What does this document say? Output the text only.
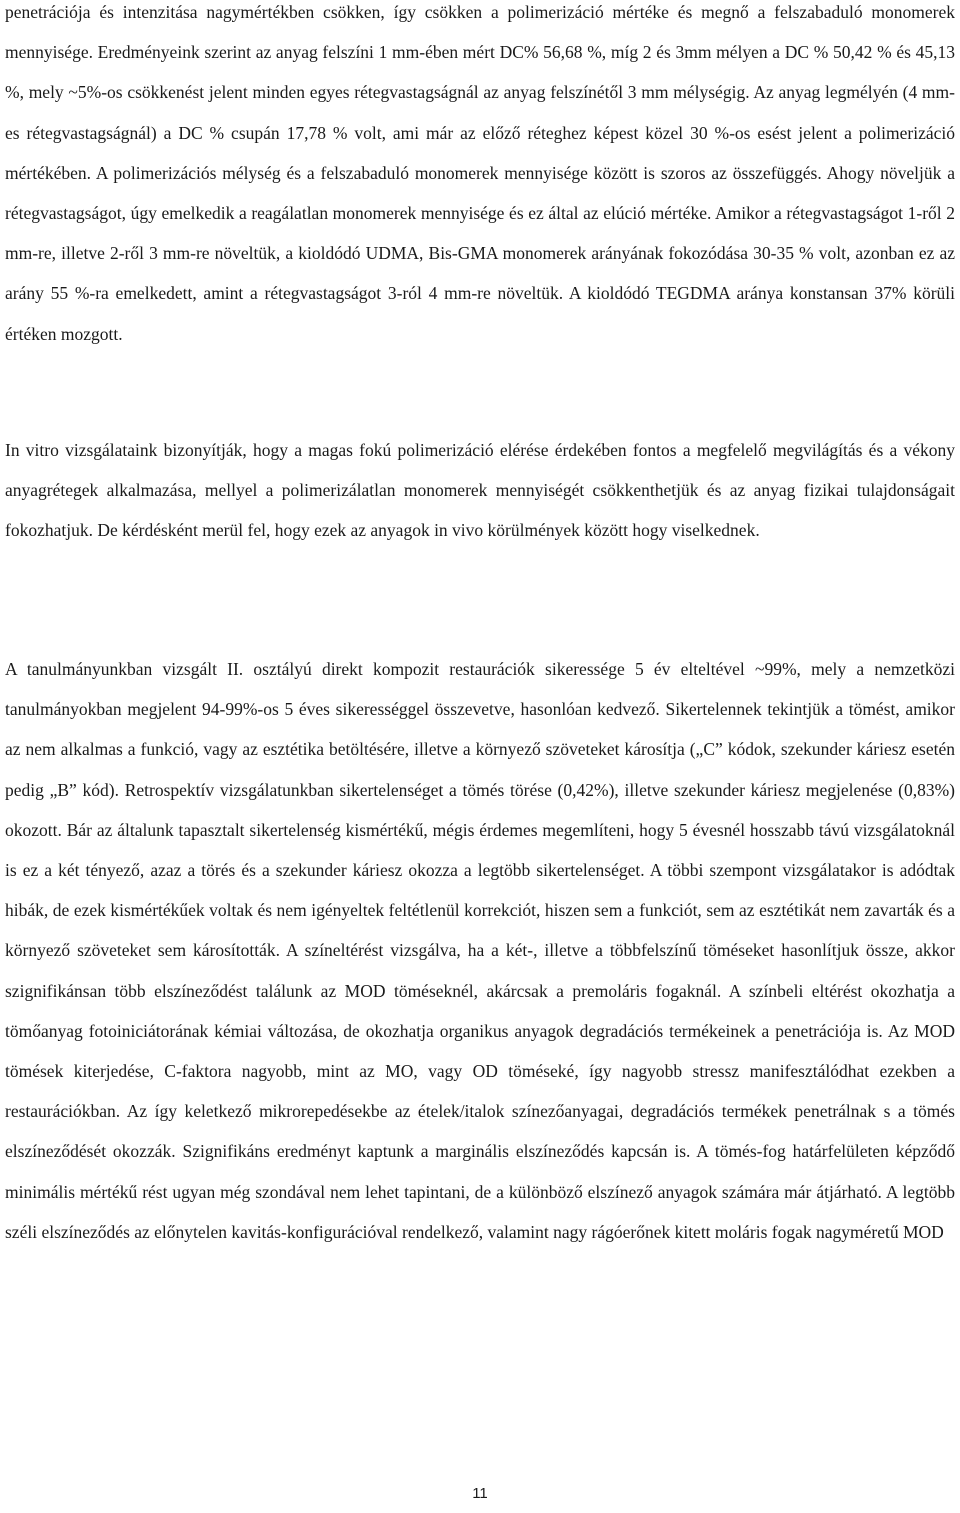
penetrációja és intenzitása nagymértékben csökken, így csökken a polimerizáció mértéke és megnő a felszabaduló monomerek mennyisége. Eredményeink szerint az anyag felszíni 1 mm-ében mért DC% 56,68 %, míg 2 és 3mm mélyen a DC % 50,42 % és 45,13 %, mely ~5%-os csökkenést jelent minden egyes rétegvastagságnál az anyag felszínétől 3 mm mélységig. Az anyag legmélyén (4 mm-es rétegvastagságnál) a DC % csupán 17,78 % volt, ami már az előző réteghez képest közel 30 %-os esést jelent a polimerizáció mértékében. A polimerizációs mélység és a felszabaduló monomerek mennyisége között is szoros az összefüggés. Ahogy növeljük a rétegvastagságot, úgy emelkedik a reagálatlan monomerek mennyisége és ez által az elúció mértéke. Amikor a rétegvastagságot 1-ről 2 mm-re, illetve 2-ről 3 mm-re növeltük, a kioldódó UDMA, Bis-GMA monomerek arányának fokozódása 30-35 % volt, azonban ez az arány 55 %-ra emelkedett, amint a rétegvastagságot 3-ról 4 mm-re növeltük. A kioldódó TEGDMA aránya konstansan 37% körüli értéken mozgott.

In vitro vizsgálataink bizonyítják, hogy a magas fokú polimerizáció elérése érdekében fontos a megfelelő megvilágítás és a vékony anyagrétegek alkalmazása, mellyel a polimerizálatlan monomerek mennyiségét csökkenthetjük és az anyag fizikai tulajdonságait fokozhatjuk. De kérdésként merül fel, hogy ezek az anyagok in vivo körülmények között hogy viselkednek.

A tanulmányunkban vizsgált II. osztályú direkt kompozit restaurációk sikeressége 5 év elteltével ~99%, mely a nemzetközi tanulmányokban megjelent 94-99%-os 5 éves sikerességgel összevetve, hasonlóan kedvező. Sikertelennek tekintjük a tömést, amikor az nem alkalmas a funkció, vagy az esztétika betöltésére, illetve a környező szöveteket károsítja („C” kódok, szekunder káriesz esetén pedig „B” kód). Retrospektív vizsgálatunkban sikertelenséget a tömés törése (0,42%), illetve szekunder káriesz megjelenése (0,83%) okozott. Bár az általunk tapasztalt sikertelenség kismértékű, mégis érdemes megemlíteni, hogy 5 évesnél hosszabb távú vizsgálatoknál is ez a két tényező, azaz a törés és a szekunder káriesz okozza a legtöbb sikertelenséget. A többi szempont vizsgálatakor is adódtak hibák, de ezek kismértékűek voltak és nem igényeltek feltétlenül korrekciót, hiszen sem a funkciót, sem az esztétikát nem zavarták és a környező szöveteket sem károsították. A színeltérést vizsgálva, ha a két-, illetve a többfelszínű töméseket hasonlítjuk össze, akkor szignifikánsan több elszíneződést találunk az MOD töméseknél, akárcsak a premoláris fogaknál. A színbeli eltérést okozhatja a tömőanyag fotoiniciátorának kémiai változása, de okozhatja organikus anyagok degradációs termékeinek a penetrációja is. Az MOD tömések kiterjedése, C-faktora nagyobb, mint az MO, vagy OD töméseké, így nagyobb stressz manifesztálódhat ezekben a restaurációkban. Az így keletkező mikrorepedésekbe az ételek/italok színezőanyagai, degradációs termékek penetrálnak s a tömés elszíneződését okozzák. Szignifikáns eredményt kaptunk a marginális elszíneződés kapcsán is. A tömés-fog határfelületen képződő minimális mértékű rést ugyan még szondával nem lehet tapintani, de a különböző elszínező anyagok számára már átjárható. A legtöbb széli elszíneződés az előnytelen kavitás-konfigurációval rendelkező, valamint nagy rágóerőnek kitett moláris fogak nagyméretű MOD

11
